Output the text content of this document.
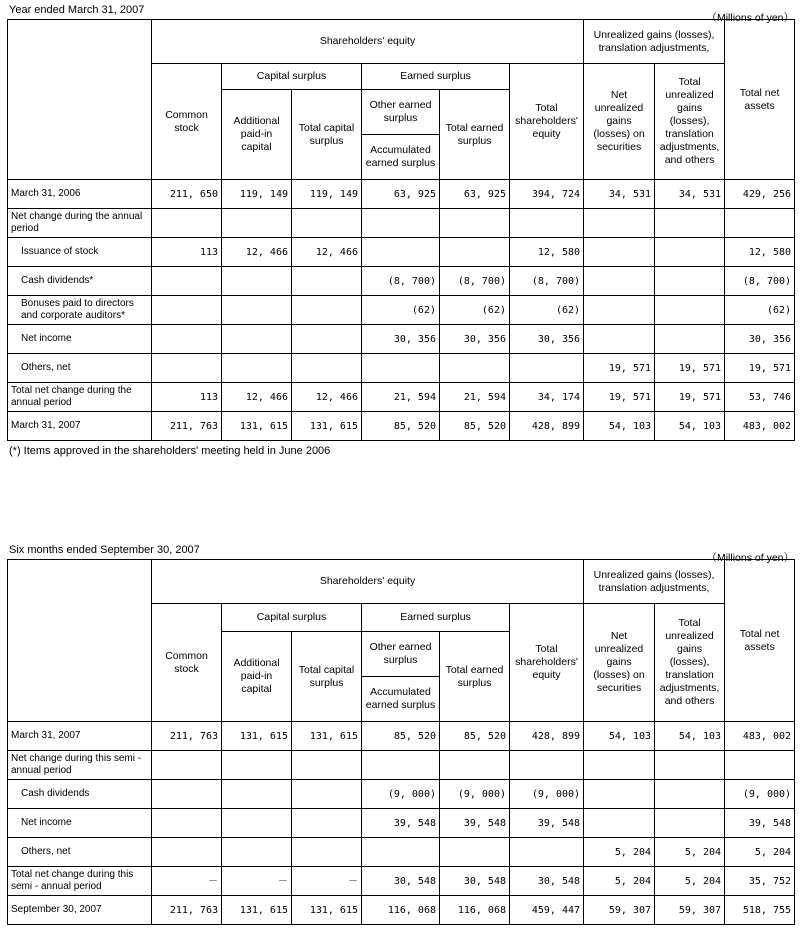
Year ended March 31, 2007
（Millions of yen）
	Shareholders' equity						Unrealized gains (losses), translation adjustments,		Total net assets
	Common stock	Capital surplus		Earned surplus		Total shareholders' equity	Net unrealized gains (losses) on securities	Total unrealized gains (losses), translation adjustments, and others	
		Additional paid-in capital	Total capital surplus	Other earned surplus	Total earned surplus				
				Accumulated earned surplus					
March 31, 2006	211, 650	119, 149	119, 149	63, 925	63, 925	394, 724	34, 531	34, 531	429, 256
Net change during the annual period									
Issuance of stock	113	12, 466	12, 466			12, 580			12, 580
Cash dividends*				(8, 700)	(8, 700)	(8, 700)			(8, 700)
Bonuses paid to directors and corporate auditors*				(62)	(62)	(62)			(62)
Net income				30, 356	30, 356	30, 356			30, 356
Others, net							19, 571	19, 571	19, 571
Total net change during the annual period	113	12, 466	12, 466	21, 594	21, 594	34, 174	19, 571	19, 571	53, 746
March 31, 2007	211, 763	131, 615	131, 615	85, 520	85, 520	428, 899	54, 103	54, 103	483, 002
(*) Items approved in the shareholders' meeting held in June 2006
Six months ended September 30, 2007
（Millions of yen）
	Shareholders' equity						Unrealized gains (losses), translation adjustments,		Total net assets
	Common stock	Capital surplus		Earned surplus		Total shareholders' equity	Net unrealized gains (losses) on securities	Total unrealized gains (losses), translation adjustments, and others	
		Additional paid-in capital	Total capital surplus	Other earned surplus	Total earned surplus				
				Accumulated earned surplus					
March 31, 2007	211, 763	131, 615	131, 615	85, 520	85, 520	428, 899	54, 103	54, 103	483, 002
Net change during this semi - annual period									
Cash dividends				(9, 000)	(9, 000)	(9, 000)			(9, 000)
Net income				39, 548	39, 548	39, 548			39, 548
Others, net							5, 204	5, 204	5, 204
Total net change during this semi - annual period	－	－	－	30, 548	30, 548	30, 548	5, 204	5, 204	35, 752
September 30, 2007	211, 763	131, 615	131, 615	116, 068	116, 068	459, 447	59, 307	59, 307	518, 755
